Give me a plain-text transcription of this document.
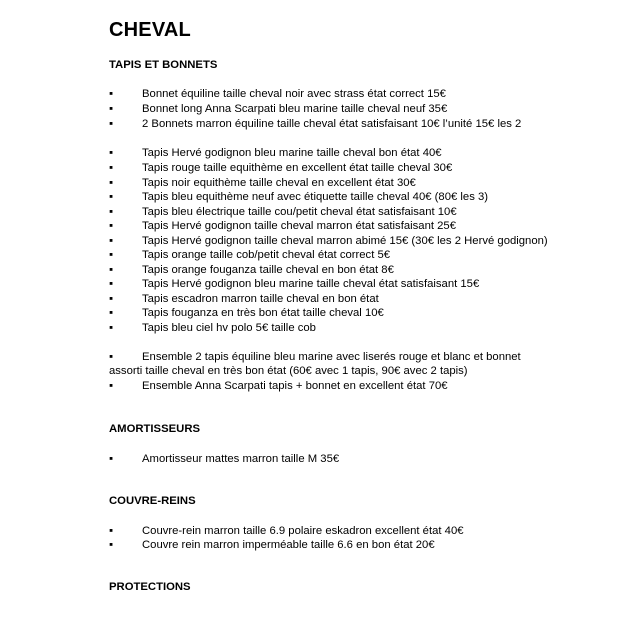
CHEVAL
TAPIS ET BONNETS
▪	Bonnet équiline taille cheval noir avec strass état correct 15€
▪	Bonnet long Anna Scarpati bleu marine taille cheval neuf 35€
▪	2 Bonnets marron équiline taille cheval état satisfaisant 10€ l’unité 15€ les 2
▪	Tapis Hervé godignon bleu marine taille cheval bon état 40€
▪	Tapis rouge taille equithème en excellent état taille cheval 30€
▪	Tapis noir equithème taille cheval en excellent état 30€
▪	Tapis bleu equithème neuf avec étiquette taille cheval 40€ (80€ les 3)
▪	Tapis bleu électrique taille cou/petit cheval état satisfaisant 10€
▪	Tapis Hervé godignon taille cheval marron état satisfaisant 25€
▪	Tapis Hervé godignon taille cheval marron abimé 15€ (30€ les 2 Hervé godignon)
▪	Tapis orange taille cob/petit cheval état correct 5€
▪	Tapis orange fouganza taille cheval en bon état 8€
▪	Tapis Hervé godignon bleu marine taille cheval état satisfaisant 15€
▪	Tapis escadron marron taille cheval en bon état
▪	Tapis fouganza en très bon état taille cheval 10€
▪	Tapis bleu ciel hv polo 5€ taille cob
▪	Ensemble 2 tapis équiline bleu marine avec liserés rouge et blanc et bonnet assorti taille cheval en très bon état (60€ avec 1 tapis, 90€ avec 2 tapis)
▪	Ensemble Anna Scarpati tapis + bonnet en excellent état 70€
AMORTISSEURS
▪	Amortisseur mattes marron taille M 35€
COUVRE-REINS
▪	Couvre-rein marron taille 6.9 polaire eskadron excellent état 40€
▪	Couvre rein marron imperméable taille 6.6 en bon état 20€
PROTECTIONS
